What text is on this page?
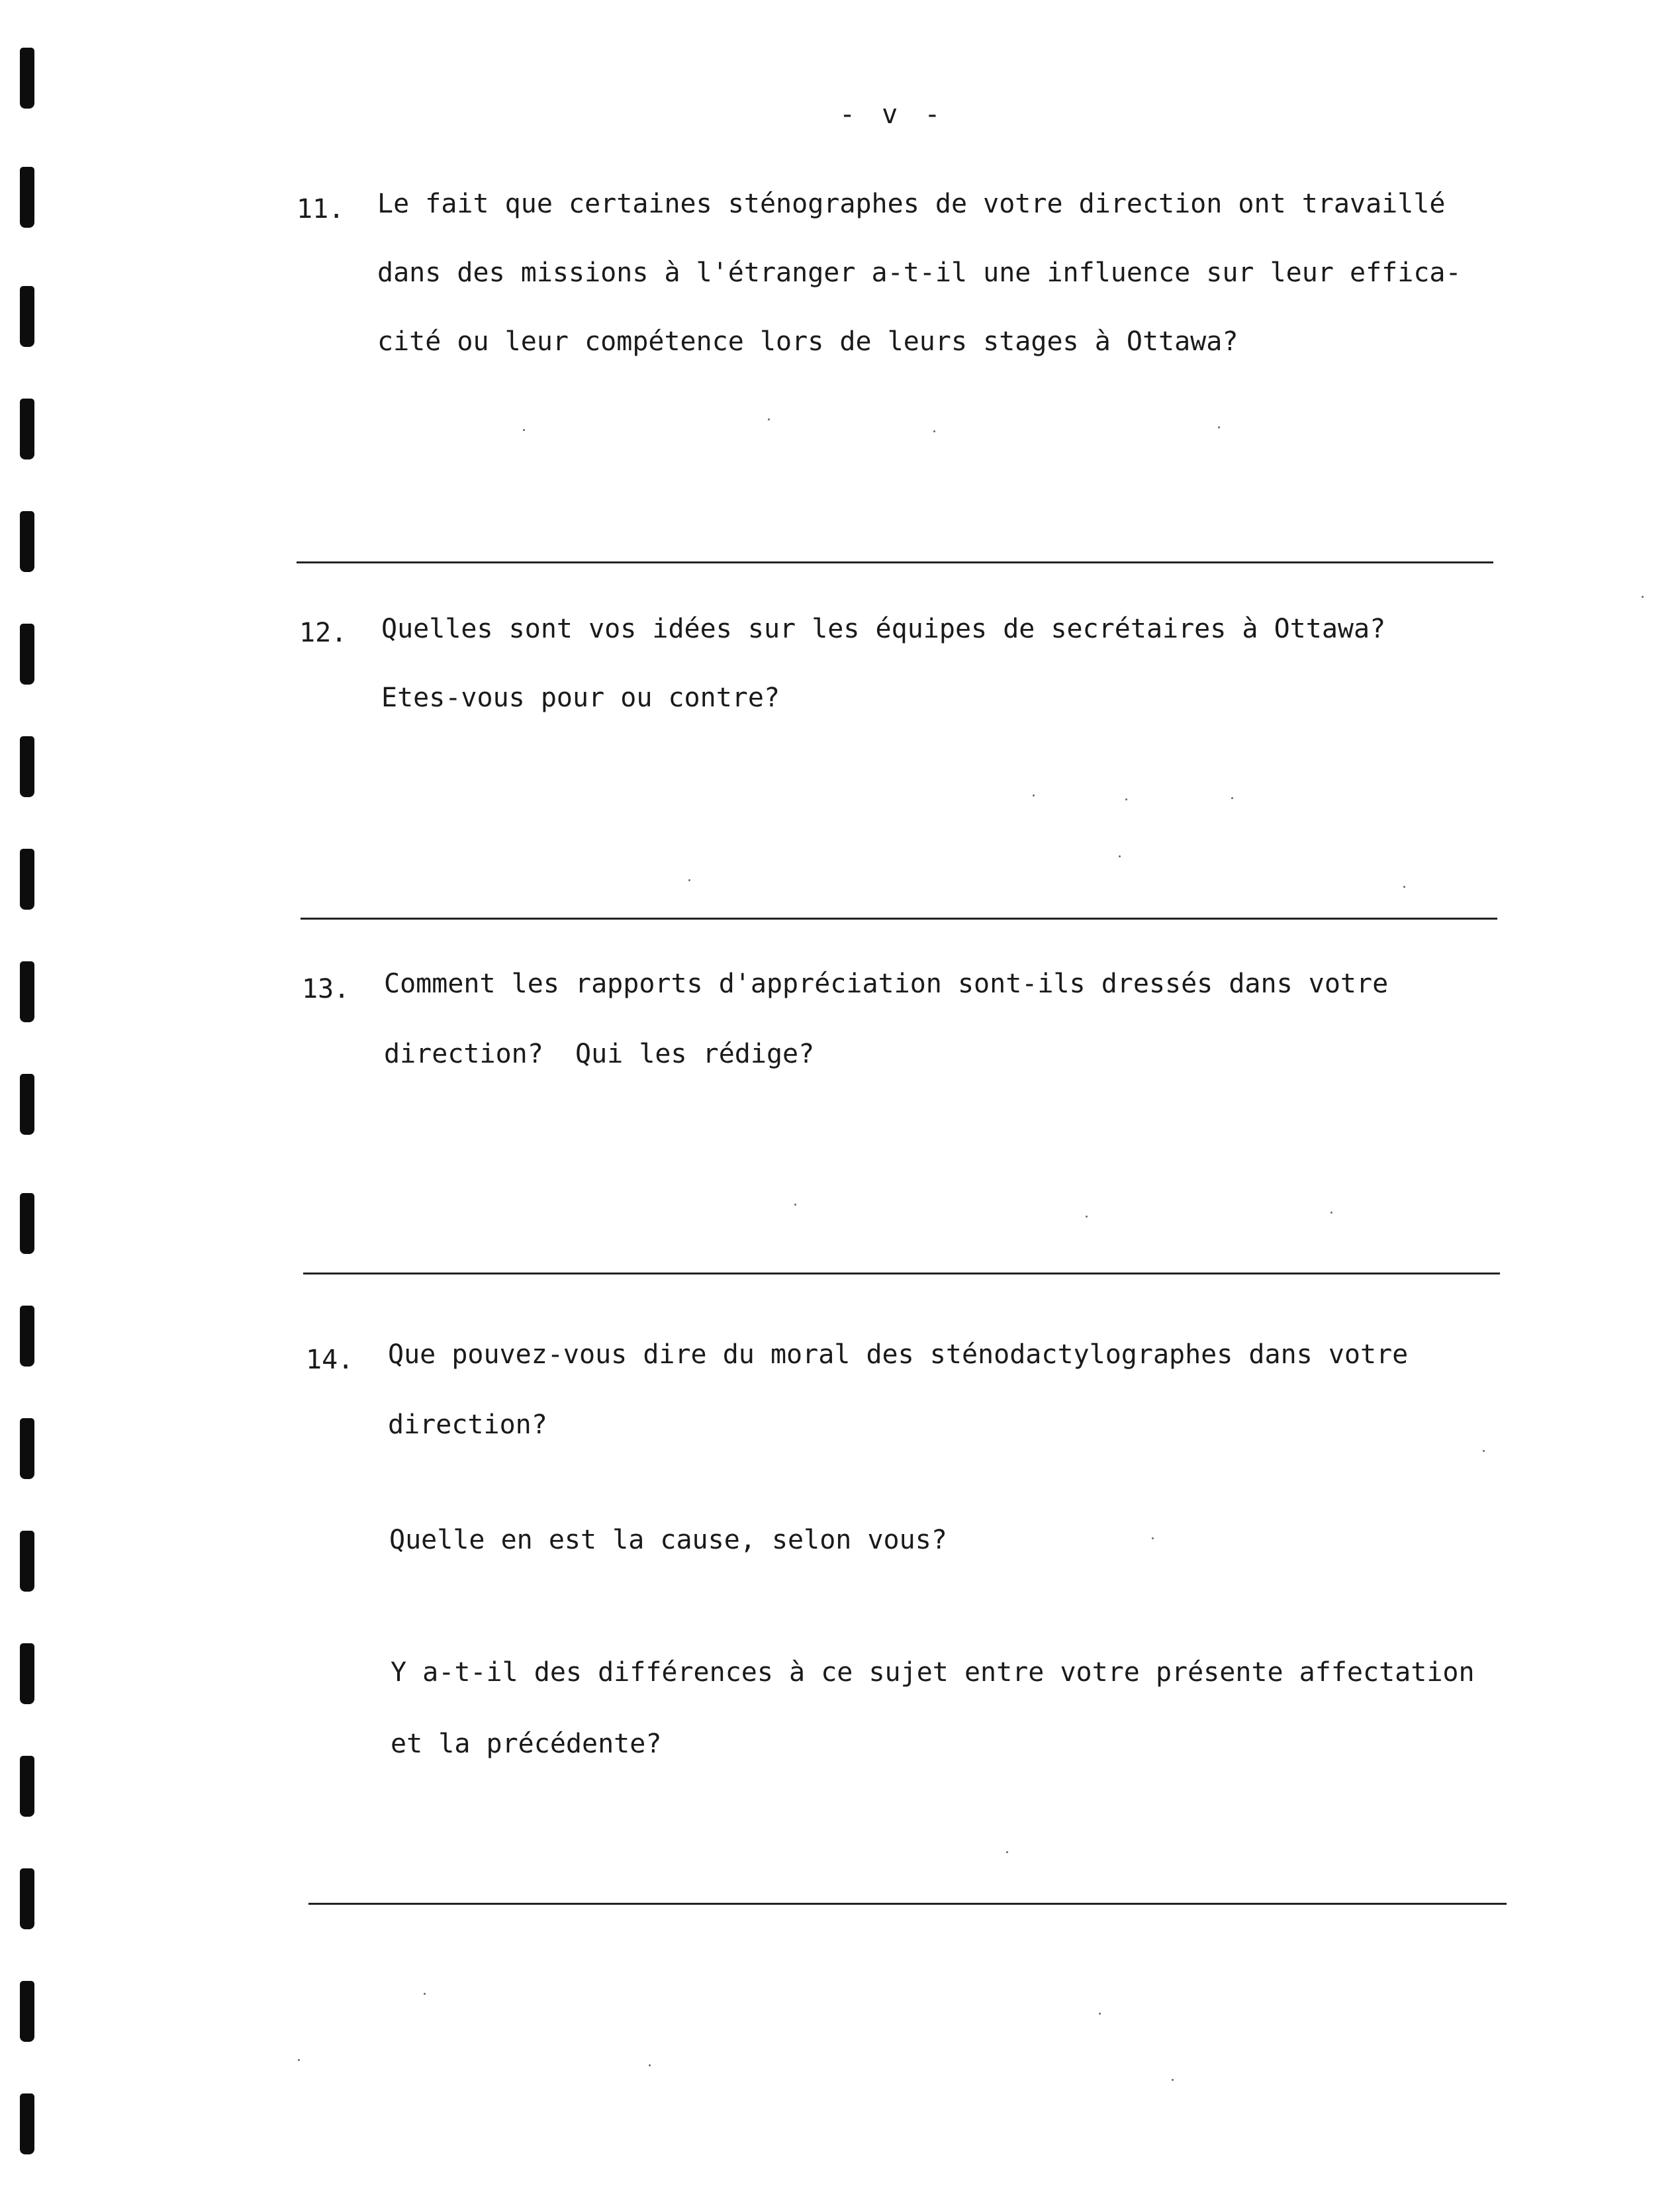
- v -
11. Le fait que certaines sténographes de votre direction ont travaillé
dans des missions à l'étranger a-t-il une influence sur leur effica-
cité ou leur compétence lors de leurs stages à Ottawa?
12. Quelles sont vos idées sur les équipes de secrétaires à Ottawa?
Etes-vous pour ou contre?
13. Comment les rapports d'appréciation sont-ils dressés dans votre
direction?  Qui les rédige?
14. Que pouvez-vous dire du moral des sténodactylographes dans votre
direction?
Quelle en est la cause, selon vous?
Y a-t-il des différences à ce sujet entre votre présente affectation
et la précédente?
